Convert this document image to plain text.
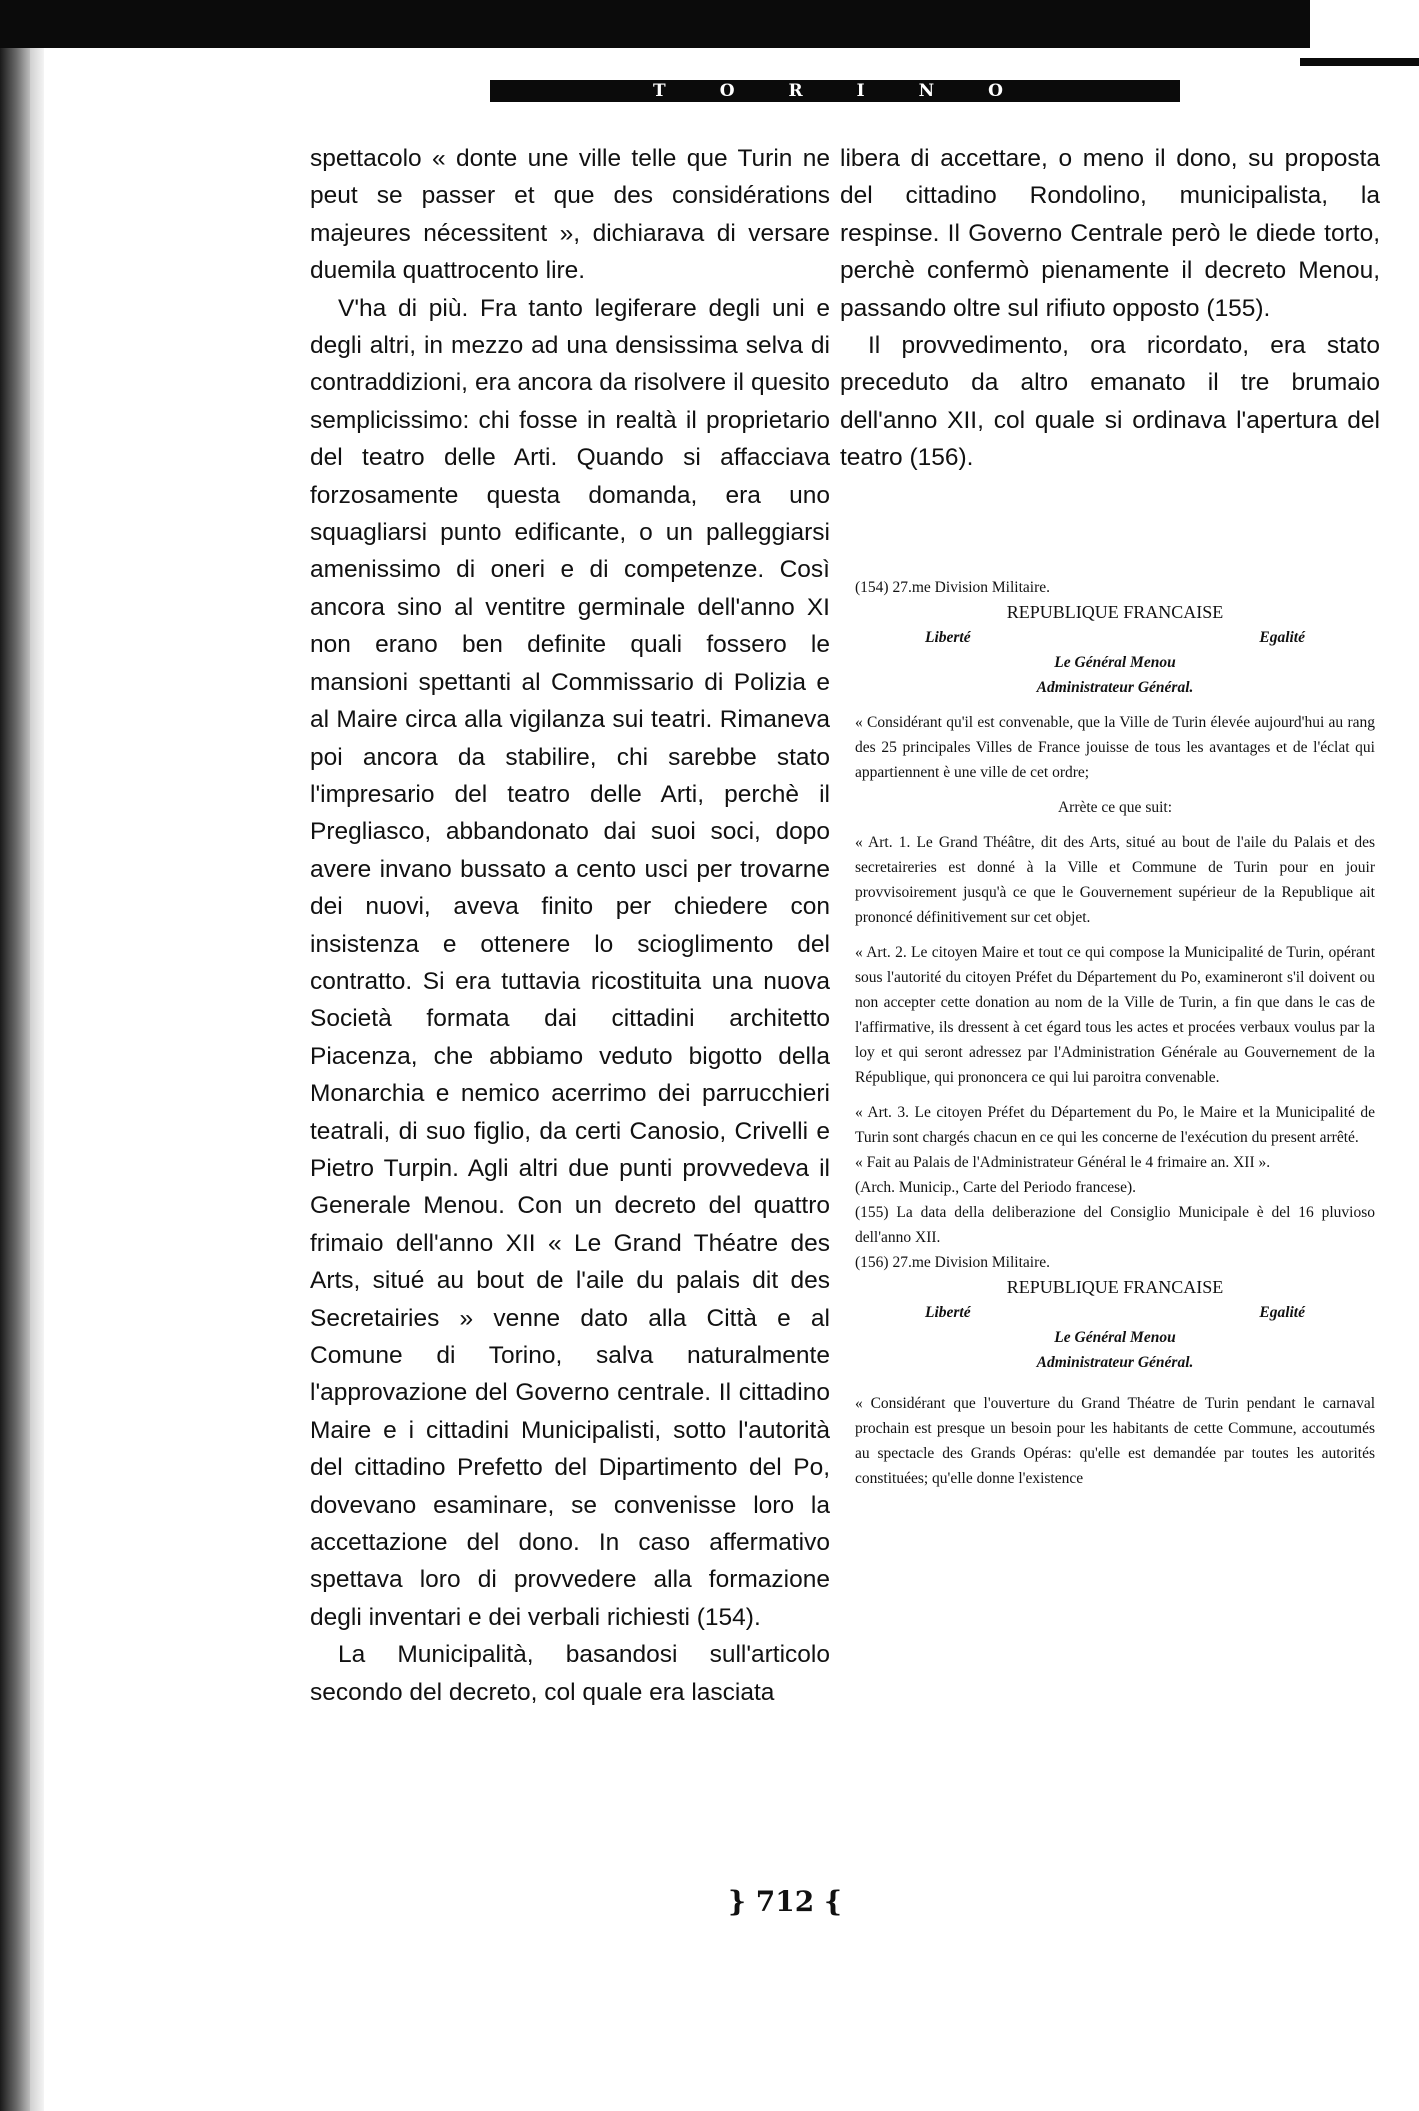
TORINO

spettacolo « donte une ville telle que Turin ne peut se passer et que des considérations majeures nécessitent », dichiarava di versare duemila quattrocento lire.

V'ha di più. Fra tanto legiferare degli uni e degli altri, in mezzo ad una densissima selva di contraddizioni, era ancora da risolvere il quesito semplicissimo: chi fosse in realtà il proprietario del teatro delle Arti. Quando si affacciava forzosamente questa domanda, era uno squagliarsi punto edificante, o un palleggiarsi amenissimo di oneri e di competenze. Così ancora sino al ventitre germinale dell'anno XI non erano ben definite quali fossero le mansioni spettanti al Commissario di Polizia e al Maire circa alla vigilanza sui teatri. Rimaneva poi ancora da stabilire, chi sarebbe stato l'impresario del teatro delle Arti, perchè il Pregliasco, abbandonato dai suoi soci, dopo avere invano bussato a cento usci per trovarne dei nuovi, aveva finito per chiedere con insistenza e ottenere lo scioglimento del contratto. Si era tuttavia ricostituita una nuova Società formata dai cittadini architetto Piacenza, che abbiamo veduto bigotto della Monarchia e nemico acerrimo dei parrucchieri teatrali, di suo figlio, da certi Canosio, Crivelli e Pietro Turpin. Agli altri due punti provvedeva il Generale Menou. Con un decreto del quattro frimaio dell'anno XII « Le Grand Théatre des Arts, situé au bout de l'aile du palais dit des Secretairies » venne dato alla Città e al Comune di Torino, salva naturalmente l'approvazione del Governo centrale. Il cittadino Maire e i cittadini Municipalisti, sotto l'autorità del cittadino Prefetto del Dipartimento del Po, dovevano esaminare, se convenisse loro la accettazione del dono. In caso affermativo spettava loro di provvedere alla formazione degli inventari e dei verbali richiesti (154).

La Municipalità, basandosi sull'articolo secondo del decreto, col quale era lasciata

libera di accettare, o meno il dono, su proposta del cittadino Rondolino, municipalista, la respinse. Il Governo Centrale però le diede torto, perchè confermò pienamente il decreto Menou, passando oltre sul rifiuto opposto (155).

Il provvedimento, ora ricordato, era stato preceduto da altro emanato il tre brumaio dell'anno XII, col quale si ordinava l'apertura del teatro (156).

(154) 27.me Division Militaire.

REPUBLIQUE FRANCAISE

Liberté	Egalité

Le Général Menou

Administrateur Général.

« Considérant qu'il est convenable, que la Ville de Turin élevée aujourd'hui au rang des 25 principales Villes de France jouisse de tous les avantages et de l'éclat qui appartiennent è une ville de cet ordre;

Arrète ce que suit:

« Art. 1. Le Grand Théâtre, dit des Arts, situé au bout de l'aile du Palais et des secretaireries est donné à la Ville et Commune de Turin pour en jouir provvisoirement jusqu'à ce que le Gouvernement supérieur de la Republique ait prononcé définitivement sur cet objet.

« Art. 2. Le citoyen Maire et tout ce qui compose la Municipalité de Turin, opérant sous l'autorité du citoyen Préfet du Département du Po, examineront s'il doivent ou non accepter cette donation au nom de la Ville de Turin, a fin que dans le cas de l'affirmative, ils dressent à cet égard tous les actes et procées verbaux voulus par la loy et qui seront adressez par l'Administration Générale au Gouvernement de la République, qui prononcera ce qui lui paroitra convenable.

« Art. 3. Le citoyen Préfet du Département du Po, le Maire et la Municipalité de Turin sont chargés chacun en ce qui les concerne de l'exécution du present arrêté.

« Fait au Palais de l'Administrateur Général le 4 frimaire an. XII ».

(Arch. Municip., Carte del Periodo francese).

(155) La data della deliberazione del Consiglio Municipale è del 16 pluvioso dell'anno XII.

(156) 27.me Division Militaire.

REPUBLIQUE FRANCAISE

Liberté	Egalité

Le Général Menou

Administrateur Général.

« Considérant que l'ouverture du Grand Théatre de Turin pendant le carnaval prochain est presque un besoin pour les habitants de cette Commune, accoutumés au spectacle des Grands Opéras: qu'elle est demandée par toutes les autorités constituées; qu'elle donne l'existence

} 712 {
